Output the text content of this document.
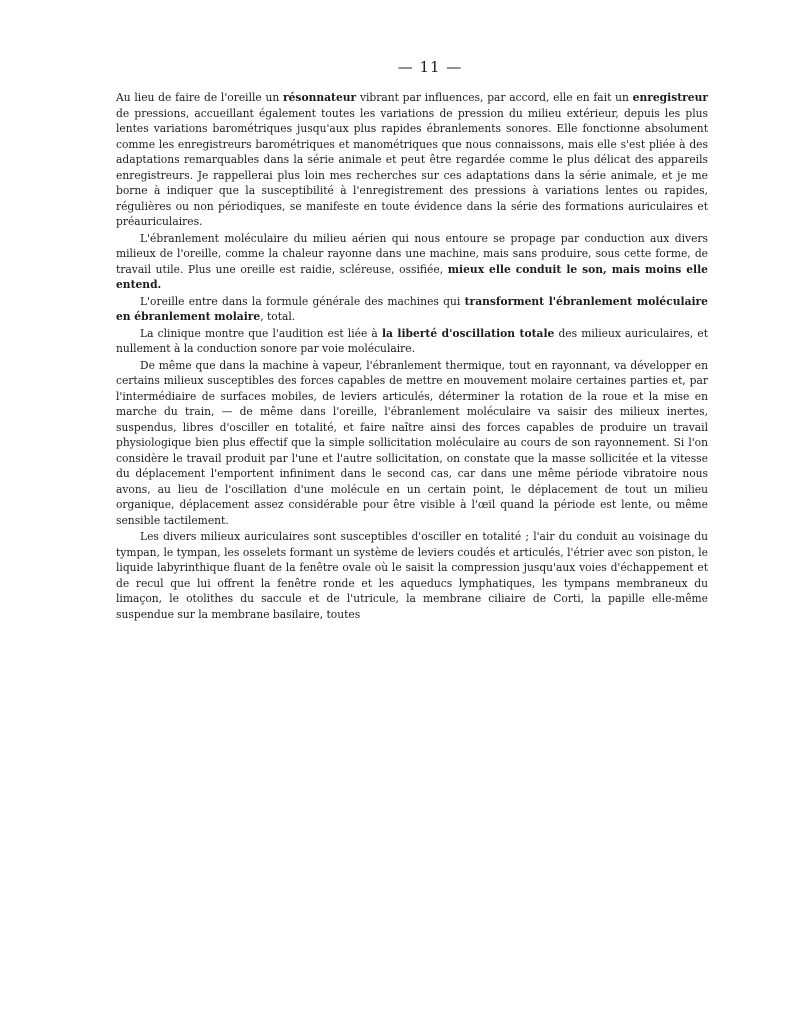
— 11 —

Au lieu de faire de l'oreille un résonnateur vibrant par influences, par accord, elle en fait un enregistreur de pressions, accueillant également toutes les variations de pression du milieu extérieur, depuis les plus lentes variations barométriques jusqu'aux plus rapides ébranlements sonores. Elle fonctionne absolument comme les enregistreurs barométriques et manométriques que nous connaissons, mais elle s'est pliée à des adaptations remarquables dans la série animale et peut être regardée comme le plus délicat des appareils enregistreurs. Je rappellerai plus loin mes recherches sur ces adaptations dans la série animale, et je me borne à indiquer que la susceptibilité à l'enregistrement des pressions à variations lentes ou rapides, régulières ou non périodiques, se manifeste en toute évidence dans la série des formations auriculaires et préauriculaires.

L'ébranlement moléculaire du milieu aérien qui nous entoure se propage par conduction aux divers milieux de l'oreille, comme la chaleur rayonne dans une machine, mais sans produire, sous cette forme, de travail utile. Plus une oreille est raidie, scléreuse, ossifiée, mieux elle conduit le son, mais moins elle entend.

L'oreille entre dans la formule générale des machines qui transforment l'ébranlement moléculaire en ébranlement molaire, total.

La clinique montre que l'audition est liée à la liberté d'oscillation totale des milieux auriculaires, et nullement à la conduction sonore par voie moléculaire.

De même que dans la machine à vapeur, l'ébranlement thermique, tout en rayonnant, va développer en certains milieux susceptibles des forces capables de mettre en mouvement molaire certaines parties et, par l'intermédiaire de surfaces mobiles, de leviers articulés, déterminer la rotation de la roue et la mise en marche du train, — de même dans l'oreille, l'ébranlement moléculaire va saisir des milieux inertes, suspendus, libres d'osciller en totalité, et faire naître ainsi des forces capables de produire un travail physiologique bien plus effectif que la simple sollicitation moléculaire au cours de son rayonnement. Si l'on considère le travail produit par l'une et l'autre sollicitation, on constate que la masse sollicitée et la vitesse du déplacement l'emportent infiniment dans le second cas, car dans une même période vibratoire nous avons, au lieu de l'oscillation d'une molécule en un certain point, le déplacement de tout un milieu organique, déplacement assez considérable pour être visible à l'œil quand la période est lente, ou même sensible tactilement.

Les divers milieux auriculaires sont susceptibles d'osciller en totalité ; l'air du conduit au voisinage du tympan, le tympan, les osselets formant un système de leviers coudés et articulés, l'étrier avec son piston, le liquide labyrinthique fluant de la fenêtre ovale où le saisit la compression jusqu'aux voies d'échappement et de recul que lui offrent la fenêtre ronde et les aqueducs lymphatiques, les tympans membraneux du limaçon, le otolithes du saccule et de l'utricule, la membrane ciliaire de Corti, la papille elle-même suspendue sur la membrane basilaire, toutes
